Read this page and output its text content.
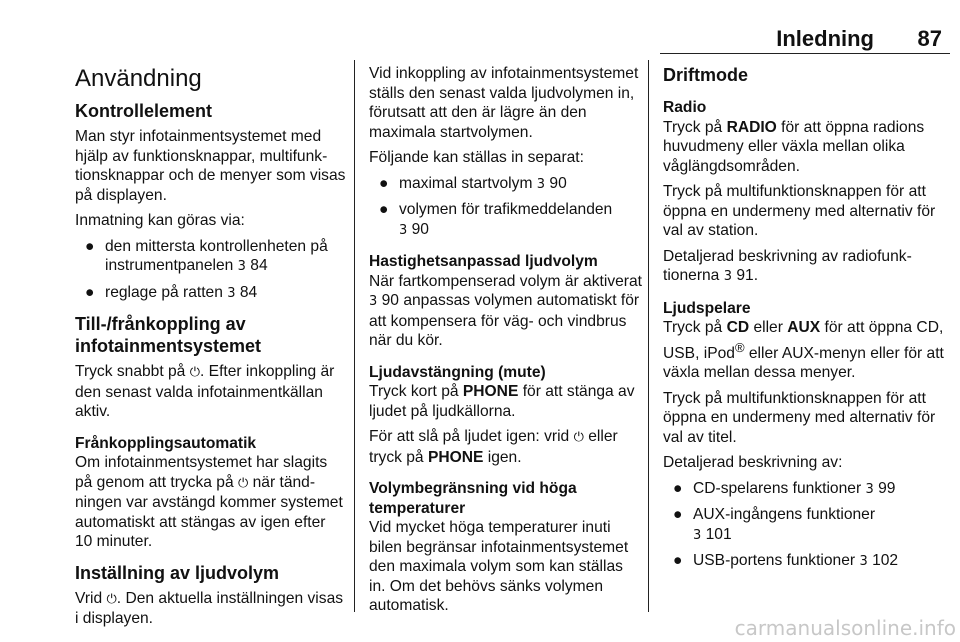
Inledning 87
Användning
Kontrollelement

Man styr infotainmentsystemet med hjälp av funktionsknappar, multifunktionsknappar och de menyer som visas på displayen.

Inmatning kan göras via:

● den mittersta kontrollenheten på instrumentpanelen 3 84
● reglage på ratten 3 84
Till-/frånkoppling av infotainmentsystemet

Tryck snabbt på ⏻. Efter inkoppling är den senast valda infotainmentkällan aktiv.

Frånkopplingsautomatik

Om infotainmentsystemet har slagits på genom att trycka på ⏻ när tändningen var avstängd kommer systemet automatiskt att stängas av igen efter 10 minuter.

Inställning av ljudvolym

Vrid ⏻. Den aktuella inställningen visas i displayen.

Vid inkoppling av infotainmentsystemet ställs den senast valda ljudvolymen in, förutsatt att den är lägre än den maximala startvolymen.

Följande kan ställas in separat:

● maximal startvolym 3 90
● volymen för trafikmeddelanden
3 90
Hastighetsanpassad ljudvolym

När fartkompenserad volym är aktiverat 3 90 anpassas volymen automatiskt för att kompensera för väg- och vindbrus när du kör.

Ljudavstängning (mute)

Tryck kort på PHONE för att stänga av ljudet på ljudkällorna.

För att slå på ljudet igen: vrid ⏻ eller tryck på PHONE igen.

Volymbegränsning vid höga temperaturer

Vid mycket höga temperaturer inuti bilen begränsar infotainmentsystemet den maximala volym som kan ställas in. Om det behövs sänks volymen automatisk.

Driftmode
Radio

Tryck på RADIO för att öppna radions huvudmeny eller växla mellan olika våglängdsområden.

Tryck på multifunktionsknappen för att öppna en undermeny med alternativ för val av station.

Detaljerad beskrivning av radiofunktionerna 3 91.

Ljudspelare

Tryck på CD eller AUX för att öppna CD, USB, iPod® eller AUX-menyn eller för att växla mellan dessa menyer.

Tryck på multifunktionsknappen för att öppna en undermeny med alternativ för val av titel.

Detaljerad beskrivning av:

● CD-spelarens funktioner 3 99
● AUX-ingångens funktioner
3 101
● USB-portens funktioner 3 102
carmanualsonline.info
